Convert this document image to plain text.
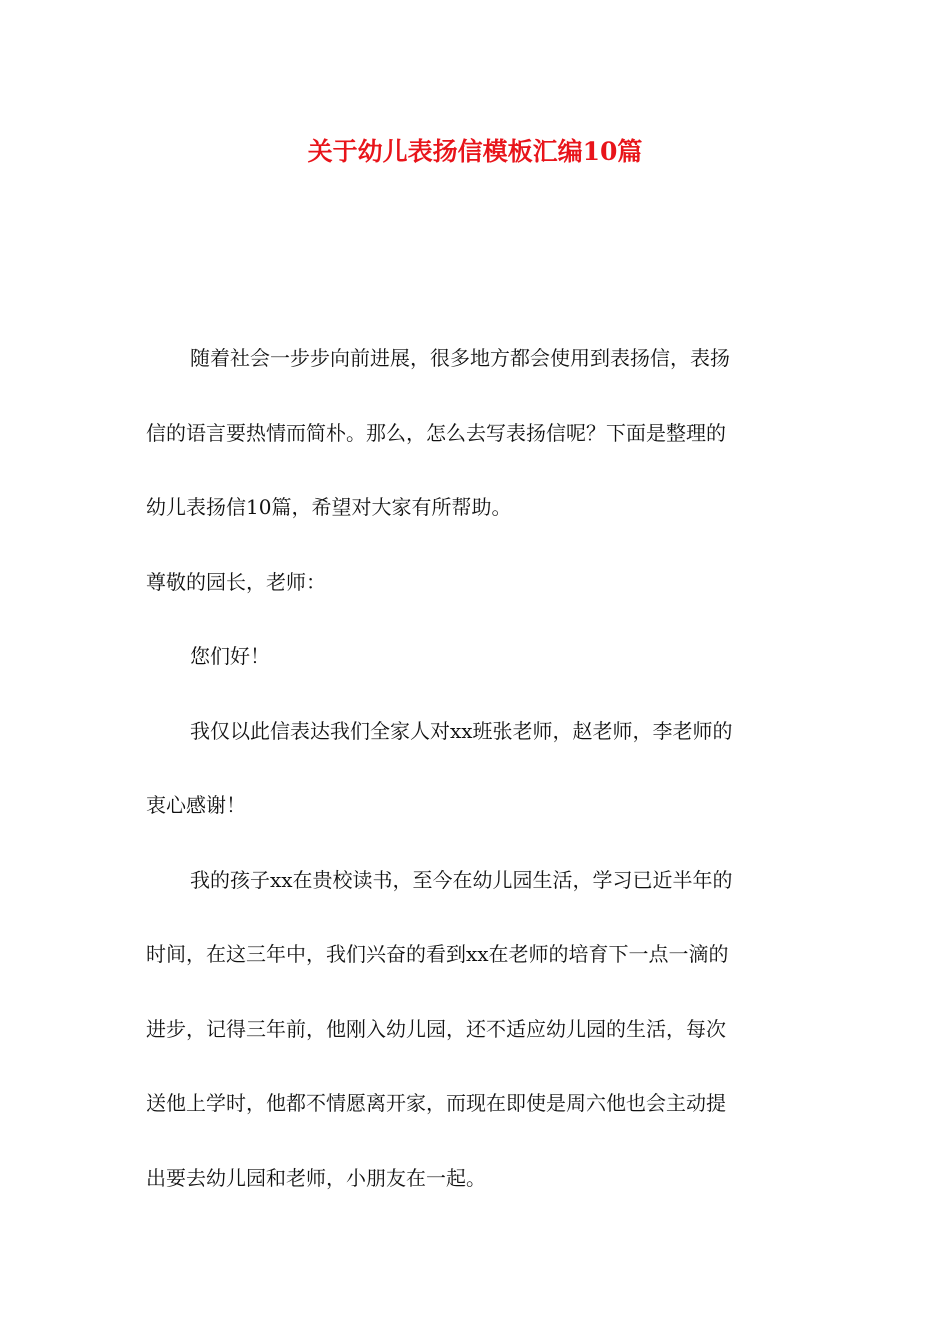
关于幼儿表扬信模板汇编10篇

随着社会一步步向前进展，很多地方都会使用到表扬信，表扬
信的语言要热情而简朴。那么，怎么去写表扬信呢？下面是整理的
幼儿表扬信10篇，希望对大家有所帮助。

尊敬的园长，老师：

您们好！

我仅以此信表达我们全家人对xx班张老师，赵老师，李老师的
衷心感谢！

我的孩子xx在贵校读书，至今在幼儿园生活，学习已近半年的
时间，在这三年中，我们兴奋的看到xx在老师的培育下一点一滴的
进步，记得三年前，他刚入幼儿园，还不适应幼儿园的生活，每次
送他上学时，他都不情愿离开家，而现在即使是周六他也会主动提
出要去幼儿园和老师，小朋友在一起。
